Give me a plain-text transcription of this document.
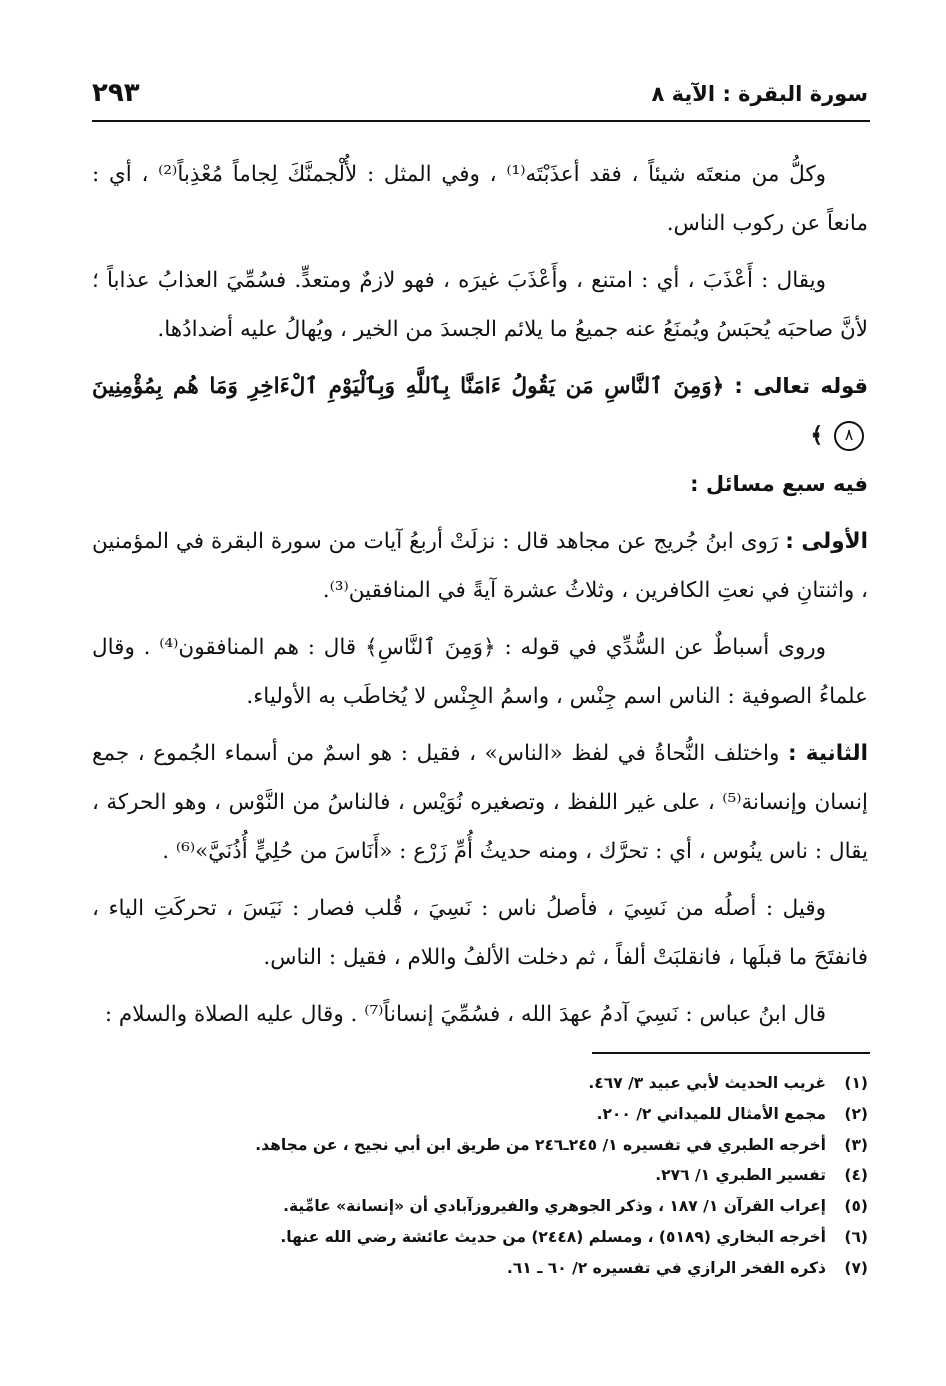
سورة البقرة : الآية ٨
٢٩٣

وكلُّ من منعتَه شيئاً ، فقد أعذَبْتَه⁽¹⁾ ، وفي المثل : لأُلْجمنَّكَ لِجاماً مُعْذِباً⁽²⁾ ، أي : مانعاً عن ركوب الناس.

ويقال : أَعْذَبَ ، أي : امتنع ، وأَعْذَبَ غيرَه ، فهو لازمٌ ومتعدٍّ. فسُمِّيَ العذابُ عذاباً ؛ لأنَّ صاحبَه يُحبَسُ ويُمنَعُ عنه جميعُ ما يلائم الجسدَ من الخير ، ويُهالُ عليه أضدادُها.

قوله تعالى : ﴿وَمِنَ ٱلنَّاسِ مَن يَقُولُ ءَامَنَّا بِٱللَّهِ وَبِٱلْيَوْمِ ٱلْءَاخِرِ وَمَا هُم بِمُؤْمِنِينَ ٨ ﴾

فيه سبع مسائل :

الأولى : رَوى ابنُ جُريج عن مجاهد قال : نزلَتْ أربعُ آيات من سورة البقرة في المؤمنين ، واثنتانِ في نعتِ الكافرين ، وثلاثُ عشرة آيةً في المنافقين⁽³⁾.

وروى أسباطٌ عن السُّدِّي في قوله : ﴿وَمِنَ ٱلنَّاسِ﴾ قال : هم المنافقون⁽⁴⁾ . وقال علماءُ الصوفية : الناس اسم جِنْس ، واسمُ الجِنْس لا يُخاطَب به الأولياء.

الثانية : واختلف النُّحاةُ في لفظ «الناس» ، فقيل : هو اسمٌ من أسماء الجُموع ، جمع إنسان وإنسانة⁽⁵⁾ ، على غير اللفظ ، وتصغيره نُوَيْس ، فالناسُ من النَّوْس ، وهو الحركة ، يقال : ناس ينُوس ، أي : تحرَّك ، ومنه حديثُ أُمِّ زَرْع : «أَنَاسَ من حُلِيٍّ أُذُنَيَّ»⁽⁶⁾ .

وقيل : أصلُه من نَسِيَ ، فأصلُ ناس : نَسِيَ ، قُلب فصار : نَيَسَ ، تحركَتِ الياء ، فانفتَحَ ما قبلَها ، فانقلبَتْ ألفاً ، ثم دخلت الألفُ واللام ، فقيل : الناس.

قال ابنُ عباس : نَسِيَ آدمُ عهدَ الله ، فسُمِّيَ إنساناً⁽⁷⁾ . وقال عليه الصلاة والسلام :

(١)
غريب الحديث لأبي عبيد ٣/ ٤٦٧.
(٢)
مجمع الأمثال للميداني ٢/ ٢٠٠.
(٣)
أخرجه الطبري في تفسيره ١/ ٢٤٥ـ٢٤٦ من طريق ابن أبي نجيح ، عن مجاهد.
(٤)
تفسير الطبري ١/ ٢٧٦.
(٥)
إعراب القرآن ١/ ١٨٧ ، وذكر الجوهري والفيروزآبادي أن «إنسانة» عامِّية.
(٦)
أخرجه البخاري (٥١٨٩) ، ومسلم (٢٤٤٨) من حديث عائشة رضي الله عنها.
(٧)
ذكره الفخر الرازي في تفسيره ٢/ ٦٠ ـ ٦١.
